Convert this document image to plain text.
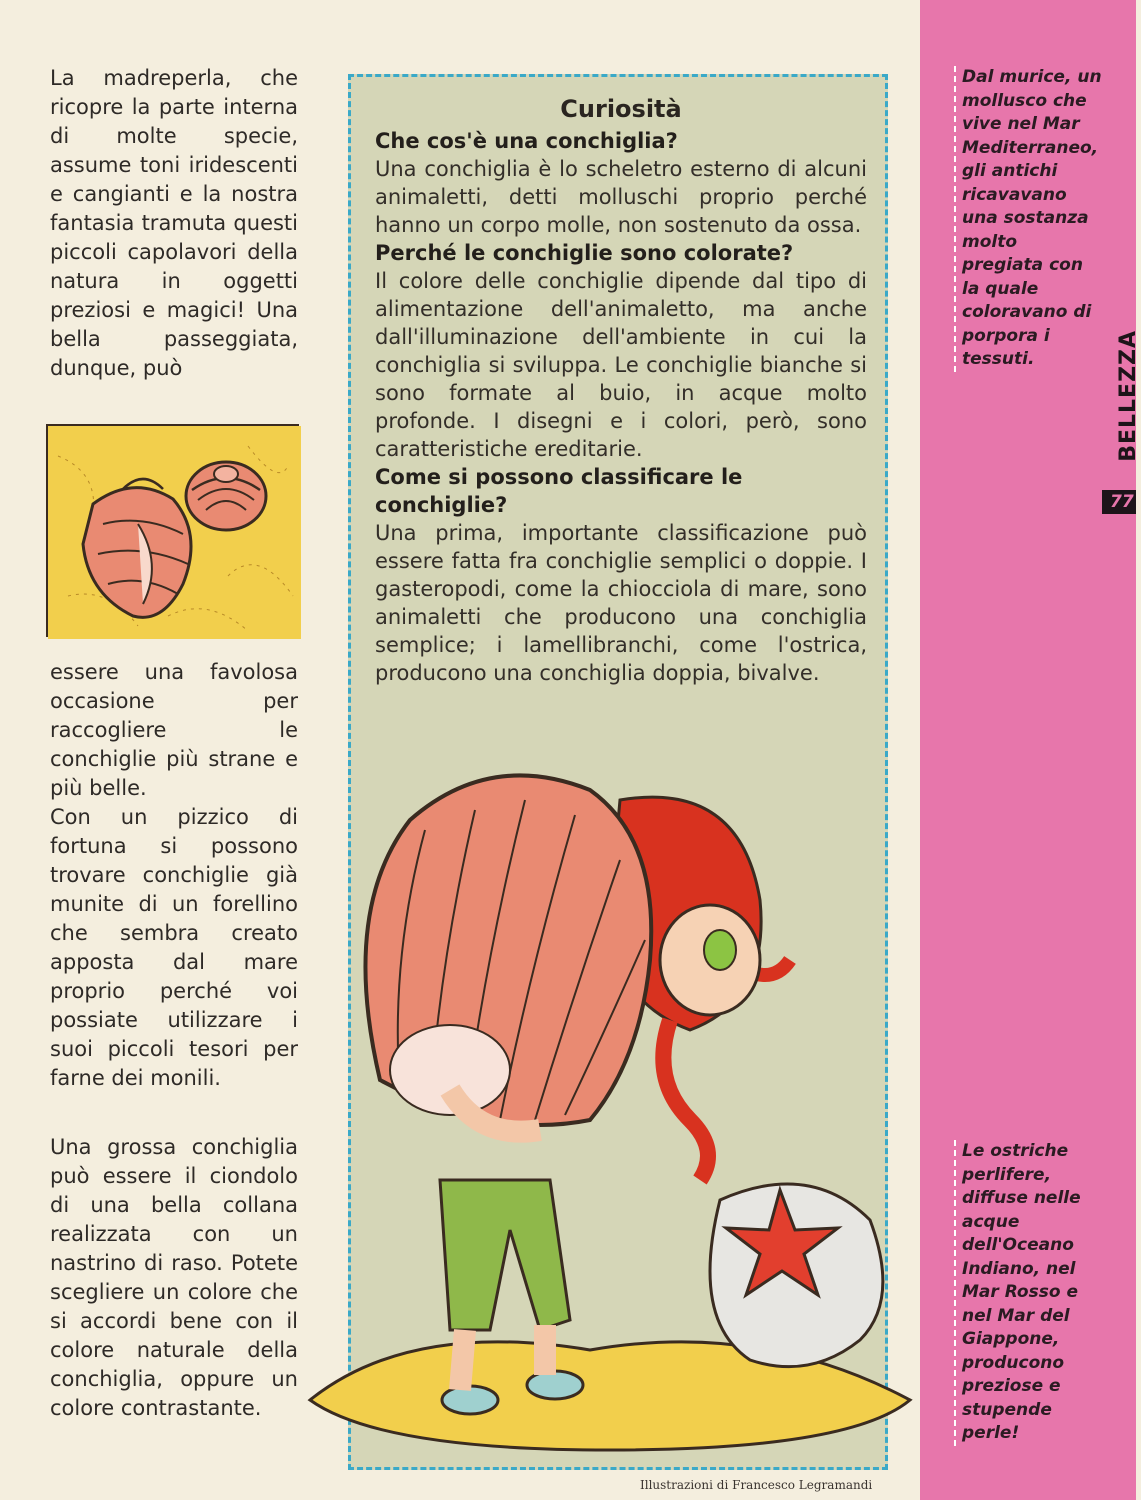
La madreperla, che ricopre la parte interna di molte specie, assume toni iridescenti e cangianti e la nostra fantasia tramuta questi piccoli capolavori della natura in oggetti preziosi e magici! Una bella passeggiata, dunque, può

essere una favolosa occasione per raccogliere le conchiglie più strane e più belle.

Con un pizzico di fortuna si possono trovare conchiglie già munite di un forellino che sembra creato apposta dal mare proprio perché voi possiate utilizzare i suoi piccoli tesori per farne dei monili.

Una grossa conchiglia può essere il ciondolo di una bella collana realizzata con un nastrino di raso. Potete scegliere un colore che si accordi bene con il colore naturale della conchiglia, oppure un colore contrastante.

Curiosità
Che cos'è una conchiglia?
Una conchiglia è lo scheletro esterno di alcuni animaletti, detti molluschi proprio perché hanno un corpo molle, non sostenuto da ossa.
Perché le conchiglie sono colorate?
Il colore delle conchiglie dipende dal tipo di alimentazione dell'animaletto, ma anche dall'illuminazione dell'ambiente in cui la conchiglia si sviluppa. Le conchiglie bianche si sono formate al buio, in acque molto profonde. I disegni e i colori, però, sono caratteristiche ereditarie.
Come si possono classificare le conchiglie?
Una prima, importante classificazione può essere fatta fra conchiglie semplici o doppie. I gasteropodi, come la chiocciola di mare, sono animaletti che producono una conchiglia semplice; i lamellibranchi, come l'ostrica, producono una conchiglia doppia, bivalve.
Dal murice, un mollusco che vive nel Mar Mediterraneo, gli antichi ricavavano una sostanza molto pregiata con la quale coloravano di porpora i tessuti.
Le ostriche perlifere, diffuse nelle acque dell'Oceano Indiano, nel Mar Rosso e nel Mar del Giappone, producono preziose e stupende perle!
BELLEZZA
77
Illustrazioni di Francesco Legramandi
